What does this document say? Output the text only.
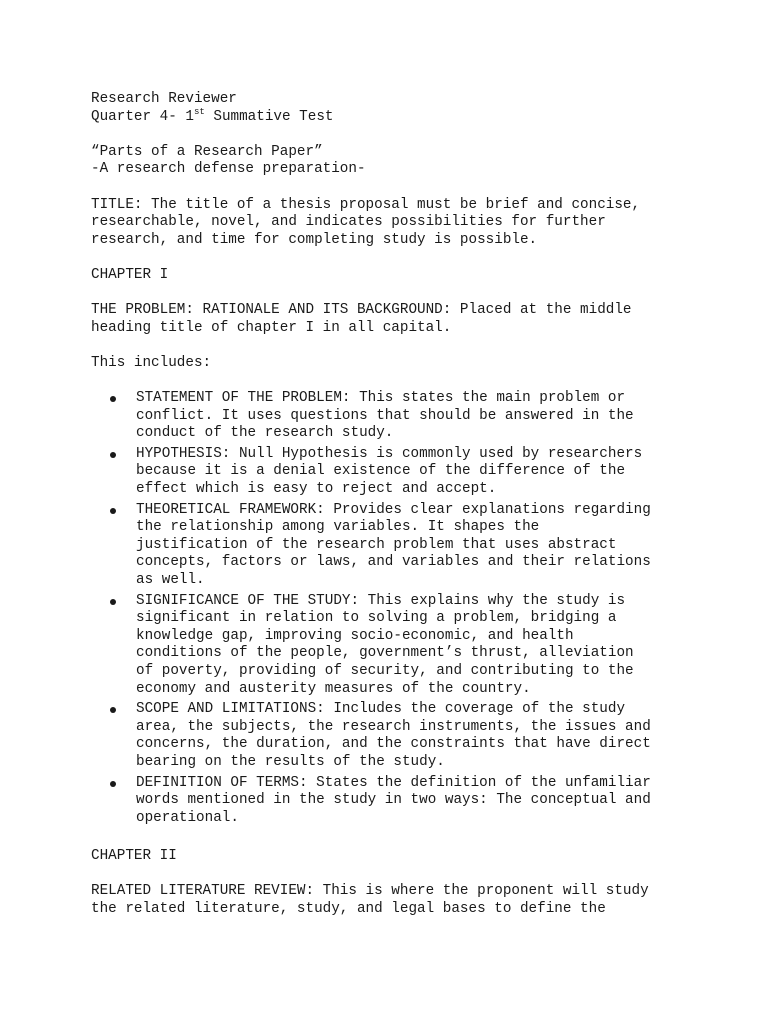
Research Reviewer

Quarter 4- 1st Summative Test

“Parts of a Research Paper”

-A research defense preparation-

TITLE: The title of a thesis proposal must be brief and concise,
researchable, novel, and indicates possibilities for further
research, and time for completing study is possible.

CHAPTER I

THE PROBLEM: RATIONALE AND ITS BACKGROUND: Placed at the middle
heading title of chapter I in all capital.

This includes:

STATEMENT OF THE PROBLEM: This states the main problem or
conflict. It uses questions that should be answered in the
conduct of the research study.
HYPOTHESIS: Null Hypothesis is commonly used by researchers
because it is a denial existence of the difference of the
effect which is easy to reject and accept.
THEORETICAL FRAMEWORK: Provides clear explanations regarding
the relationship among variables. It shapes the
justification of the research problem that uses abstract
concepts, factors or laws, and variables and their relations
as well.
SIGNIFICANCE OF THE STUDY: This explains why the study is
significant in relation to solving a problem, bridging a
knowledge gap, improving socio-economic, and health
conditions of the people, government’s thrust, alleviation
of poverty, providing of security, and contributing to the
economy and austerity measures of the country.
SCOPE AND LIMITATIONS: Includes the coverage of the study
area, the subjects, the research instruments, the issues and
concerns, the duration, and the constraints that have direct
bearing on the results of the study.
DEFINITION OF TERMS: States the definition of the unfamiliar
words mentioned in the study in two ways: The conceptual and
operational.

CHAPTER II

RELATED LITERATURE REVIEW: This is where the proponent will study
the related literature, study, and legal bases to define the
